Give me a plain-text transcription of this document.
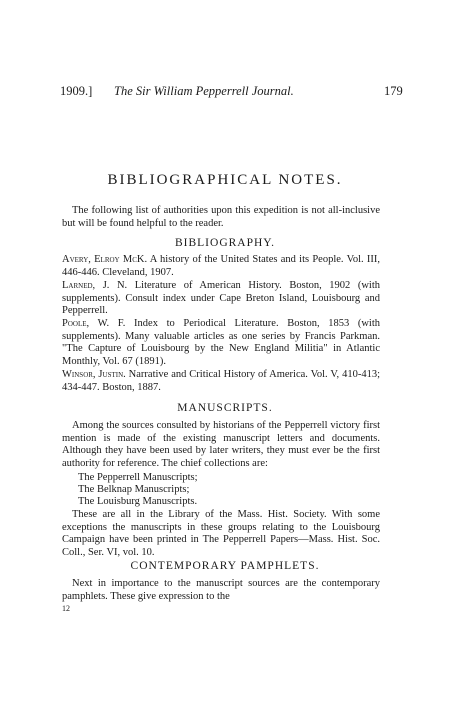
1909.] The Sir William Pepperrell Journal.	179
BIBLIOGRAPHICAL NOTES.
The following list of authorities upon this expedition is not all-inclusive but will be found helpful to the reader.
BIBLIOGRAPHY.
Avery, Elroy McK. A history of the United States and its People. Vol. III, 446-446. Cleveland, 1907.
Larned, J. N. Literature of American History. Boston, 1902 (with supplements). Consult index under Cape Breton Island, Louisbourg and Pepperrell.
Poole, W. F. Index to Periodical Literature. Boston, 1853 (with supplements). Many valuable articles as one series by Francis Parkman. "The Capture of Louisbourg by the New England Militia" in Atlantic Monthly, Vol. 67 (1891).
Winsor, Justin. Narrative and Critical History of America. Vol. V, 410-413; 434-447. Boston, 1887.
MANUSCRIPTS.
Among the sources consulted by historians of the Pepperrell victory first mention is made of the existing manuscript letters and documents. Although they have been used by later writers, they must ever be the first authority for reference. The chief collections are:
The Pepperrell Manuscripts;
The Belknap Manuscripts;
The Louisburg Manuscripts.
These are all in the Library of the Mass. Hist. Society. With some exceptions the manuscripts in these groups relating to the Louisbourg Campaign have been printed in The Pepperrell Papers—Mass. Hist. Soc. Coll., Ser. VI, vol. 10.
CONTEMPORARY PAMPHLETS.
Next in importance to the manuscript sources are the contemporary pamphlets. These give expression to the
12
